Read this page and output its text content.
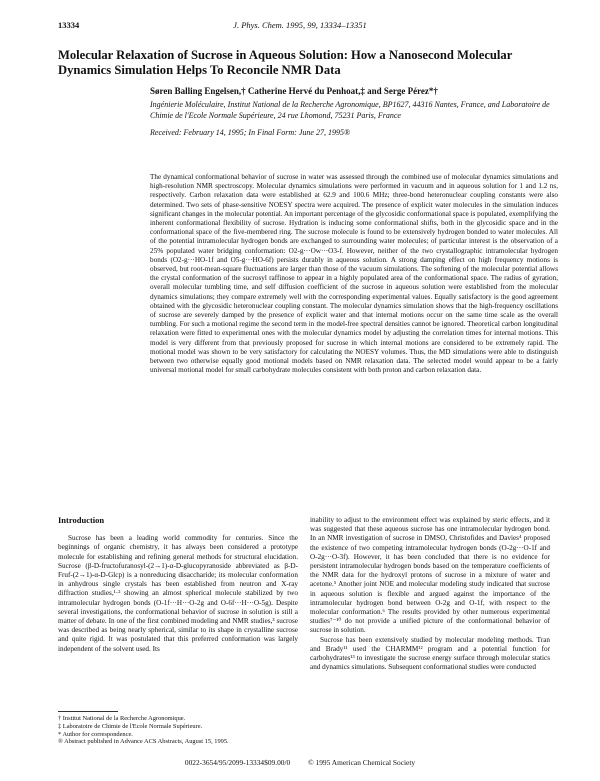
13334	J. Phys. Chem. 1995, 99, 13334–13351
Molecular Relaxation of Sucrose in Aqueous Solution: How a Nanosecond Molecular Dynamics Simulation Helps To Reconcile NMR Data
Søren Balling Engelsen,† Catherine Hervé du Penhoat,‡ and Serge Pérez*†
Ingénierie Moléculaire, Institut National de la Recherche Agronomique, BP1627, 44316 Nantes, France, and Laboratoire de Chimie de l'Ecole Normale Supérieure, 24 rue Lhomond, 75231 Paris, France
Received: February 14, 1995; In Final Form: June 27, 1995®

The dynamical conformational behavior of sucrose in water was assessed through the combined use of molecular dynamics simulations and high-resolution NMR spectroscopy. Molecular dynamics simulations were performed in vacuum and in aqueous solution for 1 and 1.2 ns, respectively. Carbon relaxation data were established at 62.9 and 100.6 MHz; three-bond heteronuclear coupling constants were also determined. Two sets of phase-sensitive NOESY spectra were acquired. The presence of explicit water molecules in the simulation induces significant changes in the molecular potential. An important percentage of the glycosidic conformational space is populated, exemplifying the inherent conformational flexibility of sucrose. Hydration is inducing some conformational shifts, both in the glycosidic space and in the conformational space of the five-membered ring. The sucrose molecule is found to be extensively hydrogen bonded to water molecules. All of the potential intramolecular hydrogen bonds are exchanged to surrounding water molecules; of particular interest is the observation of a 25% populated water bridging conformation: O2-g···Ow···O3-f. However, neither of the two crystallographic intramolecular hydrogen bonds (O2-g···HO-1f and O5-g···HO-6f) persists durably in aqueous solution. A strong damping effect on high frequency motions is observed, but root-mean-square fluctuations are larger than those of the vacuum simulations. The softening of the molecular potential allows the crystal conformation of the sucrosyl raffinose to appear in a highly populated area of the conformational space. The radius of gyration, overall molecular tumbling time, and self diffusion coefficient of the sucrose in aqueous solution were established from the molecular dynamics simulations; they compare extremely well with the corresponding experimental values. Equally satisfactory is the good agreement obtained with the glycosidic heteronuclear coupling constant. The molecular dynamics simulation shows that the high-frequency oscillations of sucrose are severely damped by the presence of explicit water and that internal motions occur on the same time scale as the overall tumbling. For such a motional regime the second term in the model-free spectral densities cannot be ignored. Theoretical carbon longitudinal relaxation were fitted to experimental ones with the molecular dynamics model by adjusting the correlation times for internal motions. This model is very different from that previously proposed for sucrose in which internal motions are considered to be extremely rapid. The motional model was shown to be very satisfactory for calculating the NOESY volumes. Thus, the MD simulations were able to distinguish between two otherwise equally good motional models based on NMR relaxation data. The selected model would appear to be a fairly universal motional model for small carbohydrate molecules consistent with both proton and carbon relaxation data.

Introduction

Sucrose has been a leading world commodity for centuries. Since the beginnings of organic chemistry, it has always been considered a prototype molecule for establishing and refining general methods for structural elucidation. Sucrose (β-D-fructofuranosyl-(2→1)-α-D-glucopyranoside abbreviated as β-D-Fruf-(2→1)-α-D-Glcp) is a nonreducing disaccharide; its molecular conformation in anhydrous single crystals has been established from neutron and X-ray diffraction studies,¹·² showing an almost spherical molecule stabilized by two intramolecular hydrogen bonds (O-1f···H···O-2g and O-6f···H···O-5g). Despite several investigations, the conformational behavior of sucrose in solution is still a matter of debate. In one of the first combined modeling and NMR studies,³ sucrose was described as being nearly spherical, similar to its shape in crystalline sucrose and quite rigid. It was postulated that this preferred conformation was largely independent of the solvent used. Its

inability to adjust to the environment effect was explained by steric effects, and it was suggested that these aqueous sucrose has one intramolecular hydrogen bond. In an NMR investigation of sucrose in DMSO, Christofides and Davies⁴ proposed the existence of two competing intramolecular hydrogen bonds (O-2g···O-1f and O-2g···O-3f). However, it has been concluded that there is no evidence for persistent intramolecular hydrogen bonds based on the temperature coefficients of the NMR data for the hydroxyl protons of sucrose in a mixture of water and acetone.⁵ Another joint NOE and molecular modeling study indicated that sucrose in aqueous solution is flexible and argued against the importance of the intramolecular hydrogen bond between O-2g and O-1f, with respect to the molecular conformation.⁶ The results provided by other numerous experimental studies⁷⁻¹⁰ do not provide a unified picture of the conformational behavior of sucrose in solution.

Sucrose has been extensively studied by molecular modeling methods. Tran and Brady¹¹ used the CHARMM¹² program and a potential function for carbohydrates¹³ to investigate the sucrose energy surface through molecular statics and dynamics simulations. Subsequent conformational studies were conducted

† Institut National de la Recherche Agronomique.
‡ Laboratoire de Chimie de l'Ecole Normale Supérieure.
* Author for correspondence.
® Abstract published in Advance ACS Abstracts, August 15, 1995.
0022-3654/95/2099-13334$09.00/0 © 1995 American Chemical Society
